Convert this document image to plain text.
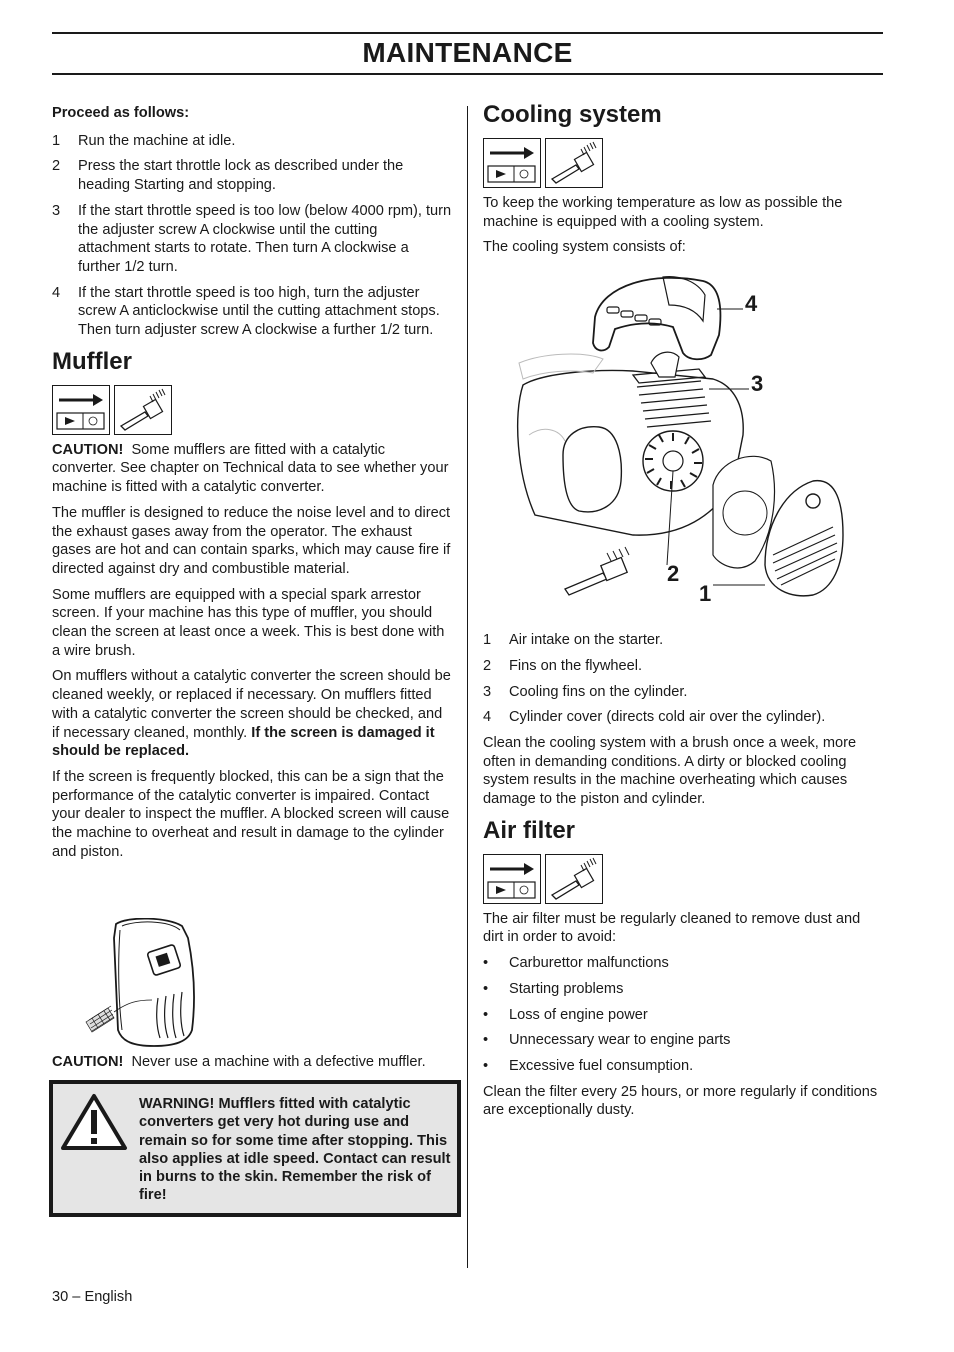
MAINTENANCE

Proceed as follows:

1 Run the machine at idle.
2 Press the start throttle lock as described under the heading Starting and stopping.
3 If the start throttle speed is too low (below 4000 rpm), turn the adjuster screw A clockwise until the cutting attachment starts to rotate. Then turn A clockwise a further 1/2 turn.
4 If the start throttle speed is too high, turn the adjuster screw A anticlockwise until the cutting attachment stops. Then turn adjuster screw A clockwise a further 1/2 turn.
Muffler

CAUTION! Some mufflers are fitted with a catalytic converter. See chapter on Technical data to see whether your machine is fitted with a catalytic converter.

The muffler is designed to reduce the noise level and to direct the exhaust gases away from the operator. The exhaust gases are hot and can contain sparks, which may cause fire if directed against dry and combustible material.

Some mufflers are equipped with a special spark arrestor screen. If your machine has this type of muffler, you should clean the screen at least once a week. This is best done with a wire brush.

On mufflers without a catalytic converter the screen should be cleaned weekly, or replaced if necessary. On mufflers fitted with a catalytic converter the screen should be checked, and if necessary cleaned, monthly. If the screen is damaged it should be replaced.

If the screen is frequently blocked, this can be a sign that the performance of the catalytic converter is impaired. Contact your dealer to inspect the muffler. A blocked screen will cause the machine to overheat and result in damage to the cylinder and piston.

CAUTION! Never use a machine with a defective muffler.

WARNING! Mufflers fitted with catalytic converters get very hot during use and remain so for some time after stopping. This also applies at idle speed. Contact can result in burns to the skin. Remember the risk of fire!
Cooling system

To keep the working temperature as low as possible the machine is equipped with a cooling system.

The cooling system consists of:

4
3
2
1
1 Air intake on the starter.
2 Fins on the flywheel.
3 Cooling fins on the cylinder.
4 Cylinder cover (directs cold air over the cylinder).

Clean the cooling system with a brush once a week, more often in demanding conditions. A dirty or blocked cooling system results in the machine overheating which causes damage to the piston and cylinder.

Air filter

The air filter must be regularly cleaned to remove dust and dirt in order to avoid:

• Carburettor malfunctions
• Starting problems
• Loss of engine power
• Unnecessary wear to engine parts
• Excessive fuel consumption.

Clean the filter every 25 hours, or more regularly if conditions are exceptionally dusty.

30 – English
